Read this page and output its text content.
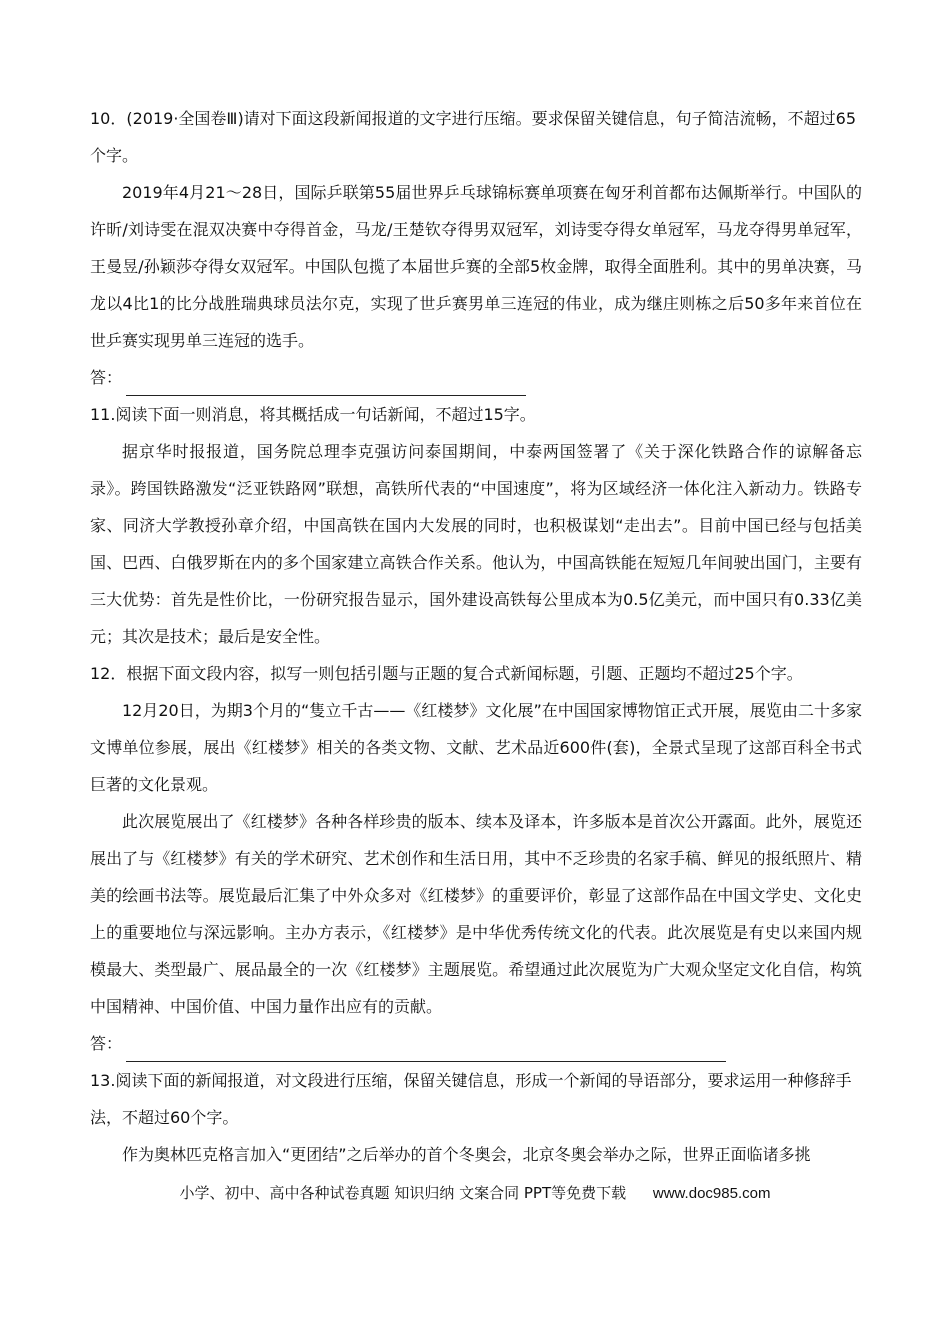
10．(2019·全国卷Ⅲ)请对下面这段新闻报道的文字进行压缩。要求保留关键信息，句子简洁流畅，不超过65个字。

2019年4月21～28日，国际乒联第55届世界乒乓球锦标赛单项赛在匈牙利首都布达佩斯举行。中国队的许昕/刘诗雯在混双决赛中夺得首金，马龙/王楚钦夺得男双冠军，刘诗雯夺得女单冠军，马龙夺得男单冠军，王曼昱/孙颖莎夺得女双冠军。中国队包揽了本届世乒赛的全部5枚金牌，取得全面胜利。其中的男单决赛，马龙以4比1的比分战胜瑞典球员法尔克，实现了世乒赛男单三连冠的伟业，成为继庄则栋之后50多年来首位在世乒赛实现男单三连冠的选手。

答：

11.阅读下面一则消息，将其概括成一句话新闻，不超过15字。

据京华时报报道，国务院总理李克强访问泰国期间，中泰两国签署了《关于深化铁路合作的谅解备忘录》。跨国铁路激发“泛亚铁路网”联想，高铁所代表的“中国速度”，将为区域经济一体化注入新动力。铁路专家、同济大学教授孙章介绍，中国高铁在国内大发展的同时，也积极谋划“走出去”。目前中国已经与包括美国、巴西、白俄罗斯在内的多个国家建立高铁合作关系。他认为，中国高铁能在短短几年间驶出国门，主要有三大优势：首先是性价比，一份研究报告显示，国外建设高铁每公里成本为0.5亿美元，而中国只有0.33亿美元；其次是技术；最后是安全性。

12．根据下面文段内容，拟写一则包括引题与正题的复合式新闻标题，引题、正题均不超过25个字。

12月20日，为期3个月的“隻立千古——《红楼梦》文化展”在中国国家博物馆正式开展，展览由二十多家文博单位参展，展出《红楼梦》相关的各类文物、文献、艺术品近600件(套)，全景式呈现了这部百科全书式巨著的文化景观。

此次展览展出了《红楼梦》各种各样珍贵的版本、续本及译本，许多版本是首次公开露面。此外，展览还展出了与《红楼梦》有关的学术研究、艺术创作和生活日用，其中不乏珍贵的名家手稿、鲜见的报纸照片、精美的绘画书法等。展览最后汇集了中外众多对《红楼梦》的重要评价，彰显了这部作品在中国文学史、文化史上的重要地位与深远影响。主办方表示，《红楼梦》是中华优秀传统文化的代表。此次展览是有史以来国内规模最大、类型最广、展品最全的一次《红楼梦》主题展览。希望通过此次展览为广大观众坚定文化自信，构筑中国精神、中国价值、中国力量作出应有的贡献。

答：

13.阅读下面的新闻报道，对文段进行压缩，保留关键信息，形成一个新闻的导语部分，要求运用一种修辞手法，不超过60个字。

作为奥林匹克格言加入“更团结”之后举办的首个冬奥会，北京冬奥会举办之际，世界正面临诸多挑

小学、初中、高中各种试卷真题 知识归纳 文案合同 PPT等免费下载 www.doc985.com
